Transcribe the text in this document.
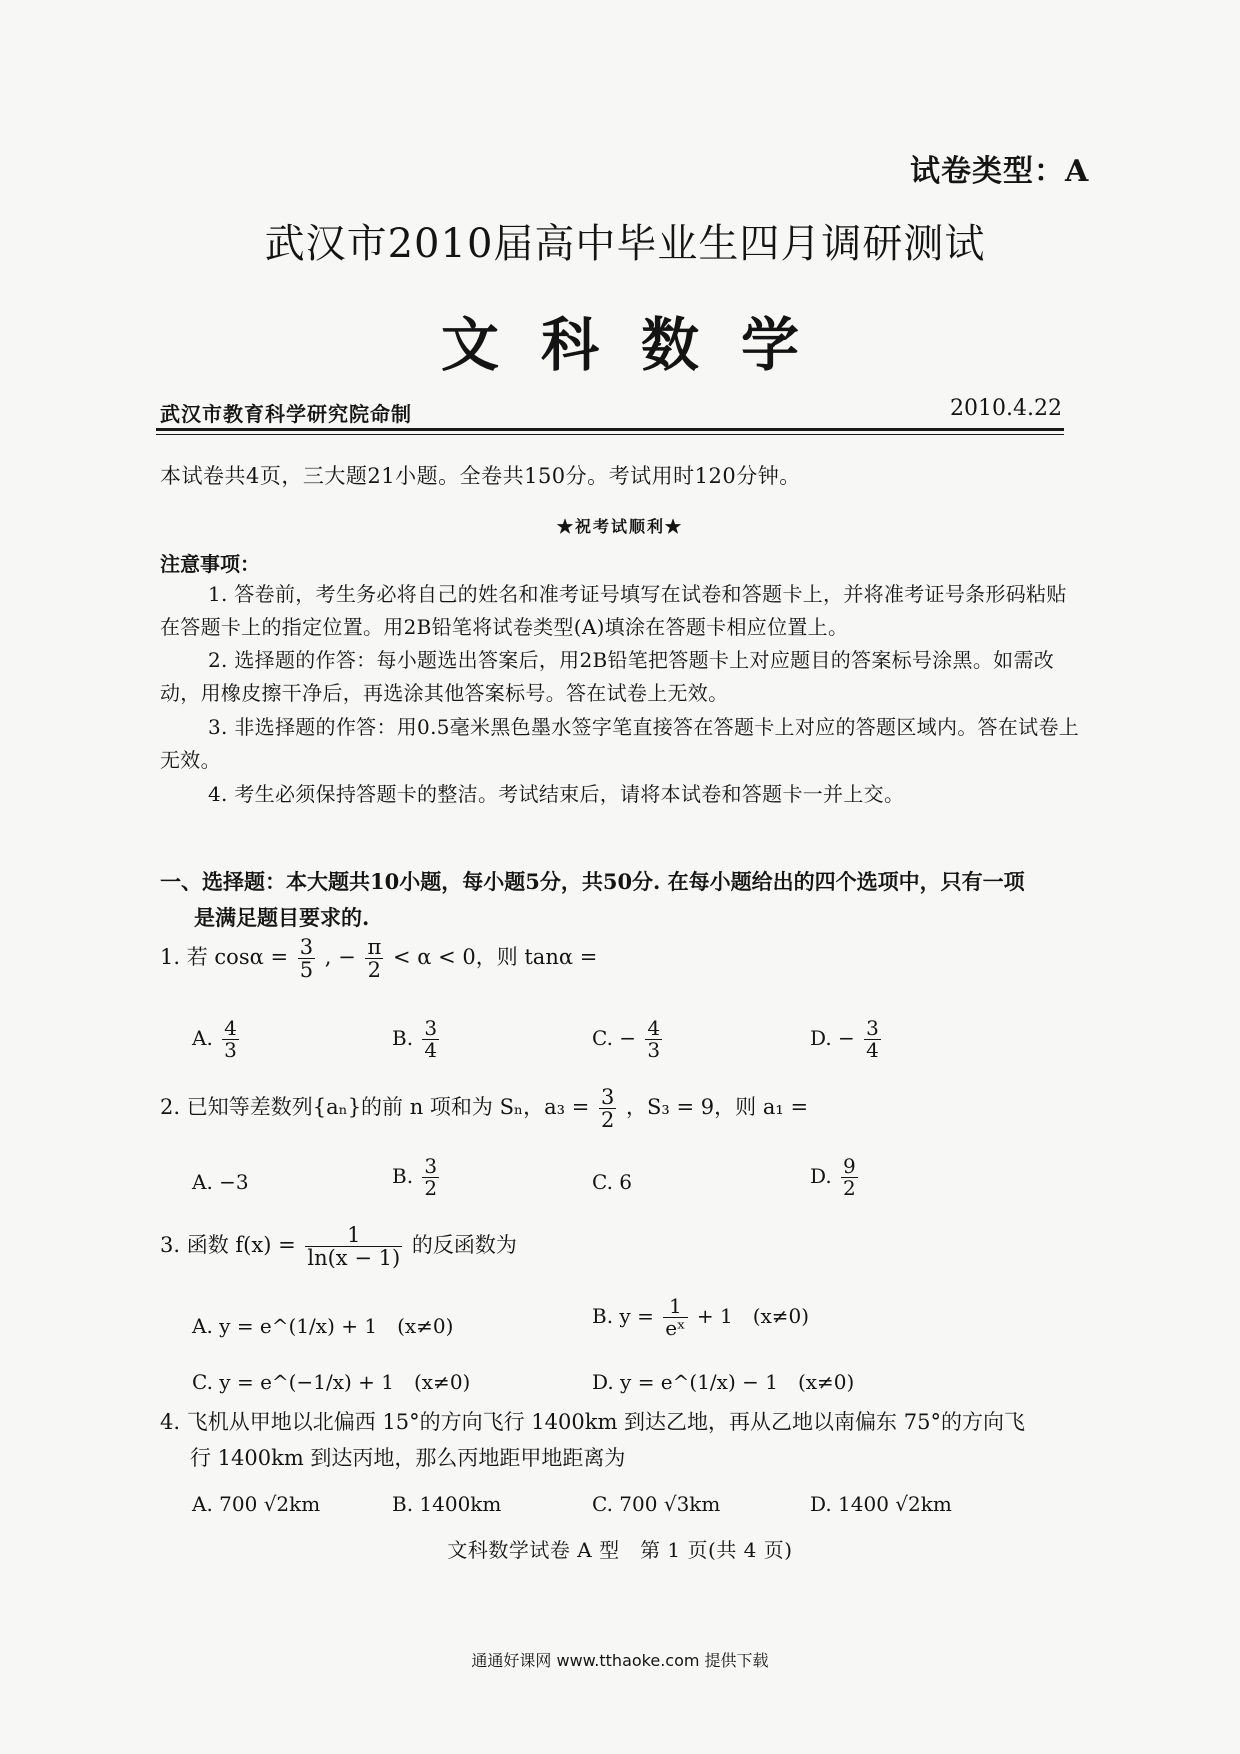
试卷类型：A
武汉市2010届高中毕业生四月调研测试
文科数学
武汉市教育科学研究院命制	2010.4.22
本试卷共4页，三大题21小题。全卷共150分。考试用时120分钟。
★祝考试顺利★
注意事项：
1. 答卷前，考生务必将自己的姓名和准考证号填写在试卷和答题卡上，并将准考证号条形码粘贴在答题卡上的指定位置。用2B铅笔将试卷类型(A)填涂在答题卡相应位置上。
2. 选择题的作答：每小题选出答案后，用2B铅笔把答题卡上对应题目的答案标号涂黑。如需改动，用橡皮擦干净后，再选涂其他答案标号。答在试卷上无效。
3. 非选择题的作答：用0.5毫米黑色墨水签字笔直接答在答题卡上对应的答题区域内。答在试卷上无效。
4. 考生必须保持答题卡的整洁。考试结束后，请将本试卷和答题卡一并上交。
一、选择题：本大题共10小题，每小题5分，共50分. 在每小题给出的四个选项中，只有一项
是满足题目要求的.
1. 若 $\cos\alpha = \frac{3}{5}$ , − $\frac{\pi}{2} < \alpha < 0$，则 tanα =
A. $\frac{4}{3}$	B. $\frac{3}{4}$	C. − $\frac{4}{3}$	D. − $\frac{3}{4}$
2. 已知等差数列{aₙ}的前 n 项和为 Sₙ，$a_3 = \frac{3}{2}$ ，S₃ = 9，则 a₁ =
A. −3	B. $\frac{3}{2}$	C. 6	D. $\frac{9}{2}$
3. 函数 $f(x) = \frac{1}{\ln(x - 1)}$ 的反函数为
A. y = e^(1/x) + 1　(x≠0)	B. $y = \frac{1}{\text{eˣ}} + 1$　(x≠0)
C. y = e^(−1/x) + 1　(x≠0)	D. y = e^(1/x) − 1　(x≠0)
4. 飞机从甲地以北偏西 15°的方向飞行 1400km 到达乙地，再从乙地以南偏东 75°的方向飞
行 1400km 到达丙地，那么丙地距甲地距离为
A. 700 √2km	B. 1400km	C. 700 √3km	D. 1400 √2km
文科数学试卷 A 型　第 1 页(共 4 页)
通通好课网 www.tthaoke.com 提供下载
